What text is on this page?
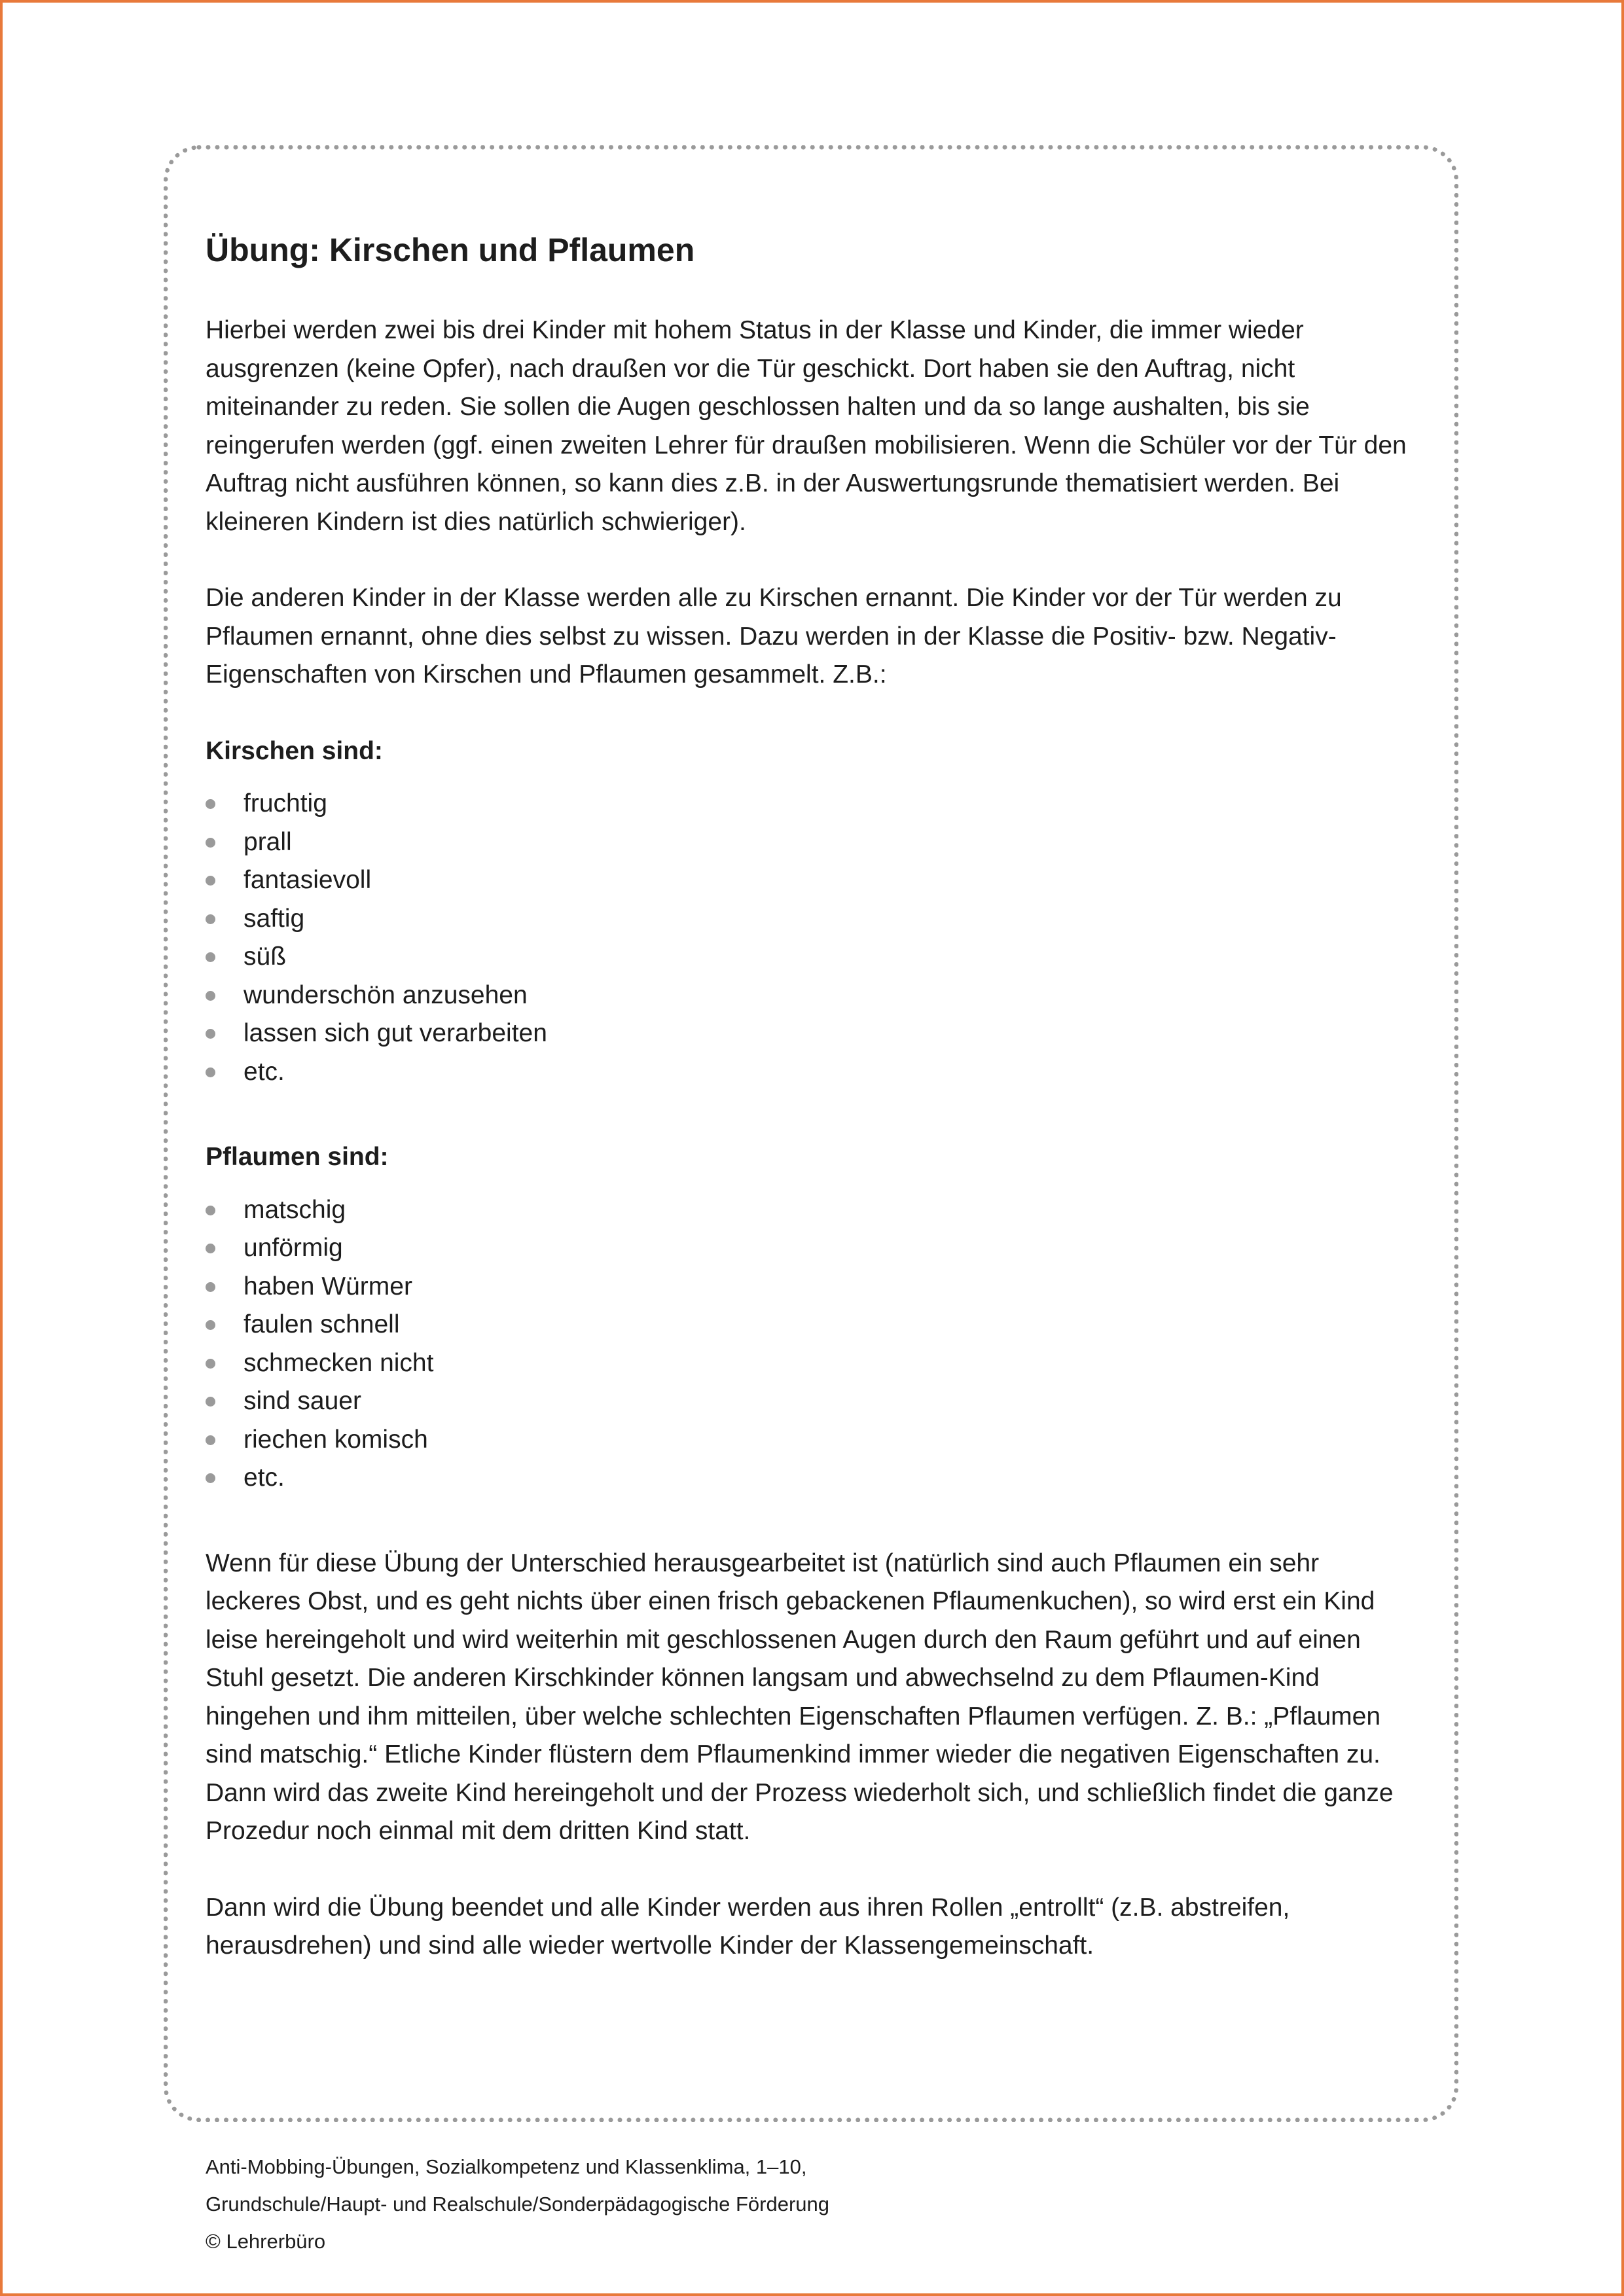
Übung: Kirschen und Pflaumen

Hierbei werden zwei bis drei Kinder mit hohem Status in der Klasse und Kinder, die immer wieder ausgrenzen (keine Opfer), nach draußen vor die Tür geschickt. Dort haben sie den Auftrag, nicht miteinander zu reden. Sie sollen die Augen geschlossen halten und da so lange aushalten, bis sie reingerufen werden (ggf. einen zweiten Lehrer für draußen mobilisieren. Wenn die Schüler vor der Tür den Auftrag nicht ausführen können, so kann dies z.B. in der Auswertungsrunde thematisiert werden. Bei kleineren Kindern ist dies natürlich schwieriger).

Die anderen Kinder in der Klasse werden alle zu Kirschen ernannt. Die Kinder vor der Tür werden zu Pflaumen ernannt, ohne dies selbst zu wissen. Dazu werden in der Klasse die Positiv- bzw. Negativ-Eigenschaften von Kirschen und Pflaumen gesammelt. Z.B.:

Kirschen sind:
fruchtig
prall
fantasievoll
saftig
süß
wunderschön anzusehen
lassen sich gut verarbeiten
etc.
Pflaumen sind:
matschig
unförmig
haben Würmer
faulen schnell
schmecken nicht
sind sauer
riechen komisch
etc.

Wenn für diese Übung der Unterschied herausgearbeitet ist (natürlich sind auch Pflaumen ein sehr leckeres Obst, und es geht nichts über einen frisch gebackenen Pflaumenkuchen), so wird erst ein Kind leise hereingeholt und wird weiterhin mit geschlossenen Augen durch den Raum geführt und auf einen Stuhl gesetzt. Die anderen Kirschkinder können langsam und abwechselnd zu dem Pflaumen-Kind hingehen und ihm mitteilen, über welche schlechten Eigenschaften Pflaumen verfügen. Z. B.: „Pflaumen sind matschig.“ Etliche Kinder flüstern dem Pflaumenkind immer wieder die negativen Eigenschaften zu. Dann wird das zweite Kind hereingeholt und der Prozess wiederholt sich, und schließlich findet die ganze Prozedur noch einmal mit dem dritten Kind statt.

Dann wird die Übung beendet und alle Kinder werden aus ihren Rollen „entrollt“ (z.B. abstreifen, herausdrehen) und sind alle wieder wertvolle Kinder der Klassengemeinschaft.

Anti-Mobbing-Übungen, Sozialkompetenz und Klassenklima, 1–10,
Grundschule/Haupt- und Realschule/Sonderpädagogische Förderung
© Lehrerbüro
